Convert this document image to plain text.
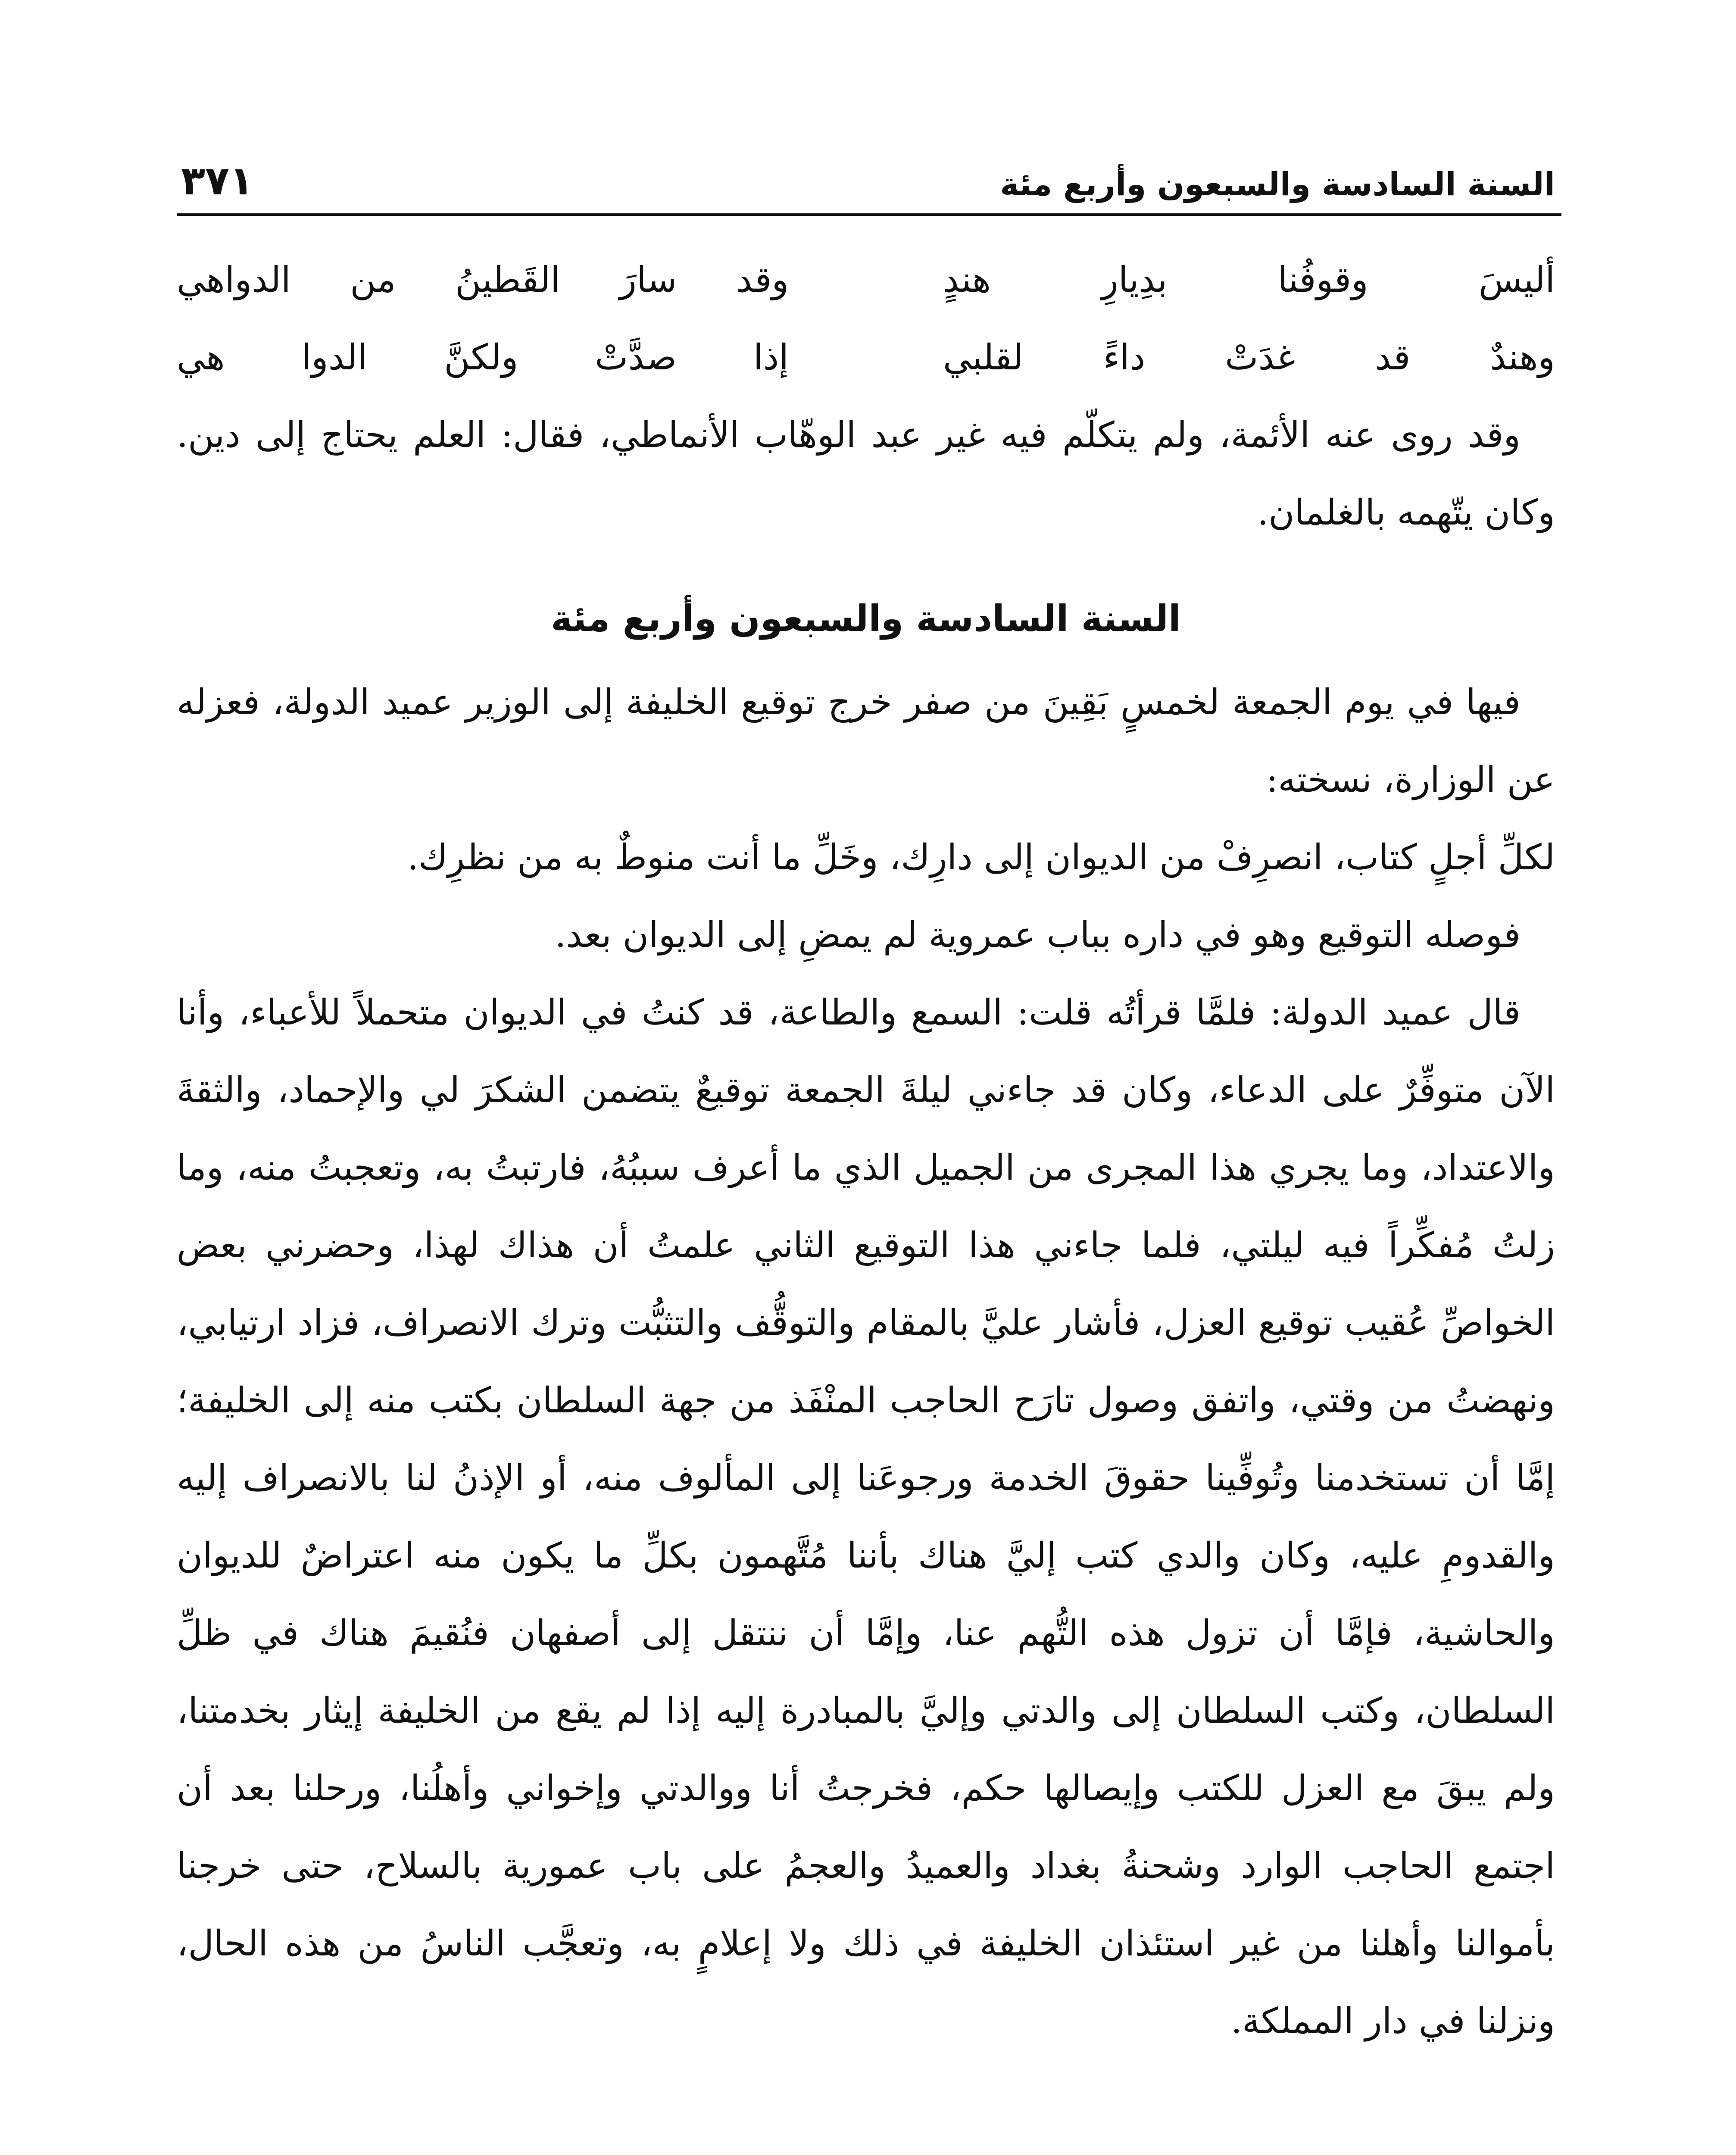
السنة السادسة والسبعون وأربع مئة
٣٧١
أليسَ وقوفُنا بدِيارِ هندٍ
وقد سارَ القَطينُ من الدواهي
وهندٌ قد غدَتْ داءً لقلبي
إذا صدَّتْ ولكنَّ الدوا هي

وقد روى عنه الأئمة، ولم يتكلّم فيه غير عبد الوهّاب الأنماطي، فقال: العلم يحتاج إلى دين. وكان يتّهمه بالغلمان.

السنة السادسة والسبعون وأربع مئة

فيها في يوم الجمعة لخمسٍ بَقِينَ من صفر خرج توقيع الخليفة إلى الوزير عميد الدولة، فعزله عن الوزارة، نسخته:

لكلِّ أجلٍ كتاب، انصرِفْ من الديوان إلى دارِك، وخَلِّ ما أنت منوطٌ به من نظرِك.

فوصله التوقيع وهو في داره بباب عمروية لم يمضِ إلى الديوان بعد.

قال عميد الدولة: فلمَّا قرأتُه قلت: السمع والطاعة، قد كنتُ في الديوان متحملاً للأعباء، وأنا الآن متوفِّرٌ على الدعاء، وكان قد جاءني ليلةَ الجمعة توقيعٌ يتضمن الشكرَ لي والإحماد، والثقةَ والاعتداد، وما يجري هذا المجرى من الجميل الذي ما أعرف سببُهُ، فارتبتُ به، وتعجبتُ منه، وما زلتُ مُفكِّراً فيه ليلتي، فلما جاءني هذا التوقيع الثاني علمتُ أن هذاك لهذا، وحضرني بعض الخواصِّ عُقيب توقيع العزل، فأشار عليَّ بالمقام والتوقُّف والتثبُّت وترك الانصراف، فزاد ارتيابي، ونهضتُ من وقتي، واتفق وصول تارَح الحاجب المنْفَذ من جهة السلطان بكتب منه إلى الخليفة؛ إمَّا أن تستخدمنا وتُوفِّينا حقوقَ الخدمة ورجوعَنا إلى المألوف منه، أو الإذنُ لنا بالانصراف إليه والقدومِ عليه، وكان والدي كتب إليَّ هناك بأننا مُتَّهمون بكلِّ ما يكون منه اعتراضٌ للديوان والحاشية، فإمَّا أن تزول هذه التُّهم عنا، وإمَّا أن ننتقل إلى أصفهان فنُقيمَ هناك في ظلِّ السلطان، وكتب السلطان إلى والدتي وإليَّ بالمبادرة إليه إذا لم يقع من الخليفة إيثار بخدمتنا، ولم يبقَ مع العزل للكتب وإيصالها حكم، فخرجتُ أنا ووالدتي وإخواني وأهلُنا، ورحلنا بعد أن اجتمع الحاجب الوارد وشحنةُ بغداد والعميدُ والعجمُ على باب عمورية بالسلاح، حتى خرجنا بأموالنا وأهلنا من غير استئذان الخليفة في ذلك ولا إعلامٍ به، وتعجَّب الناسُ من هذه الحال، ونزلنا في دار المملكة.
